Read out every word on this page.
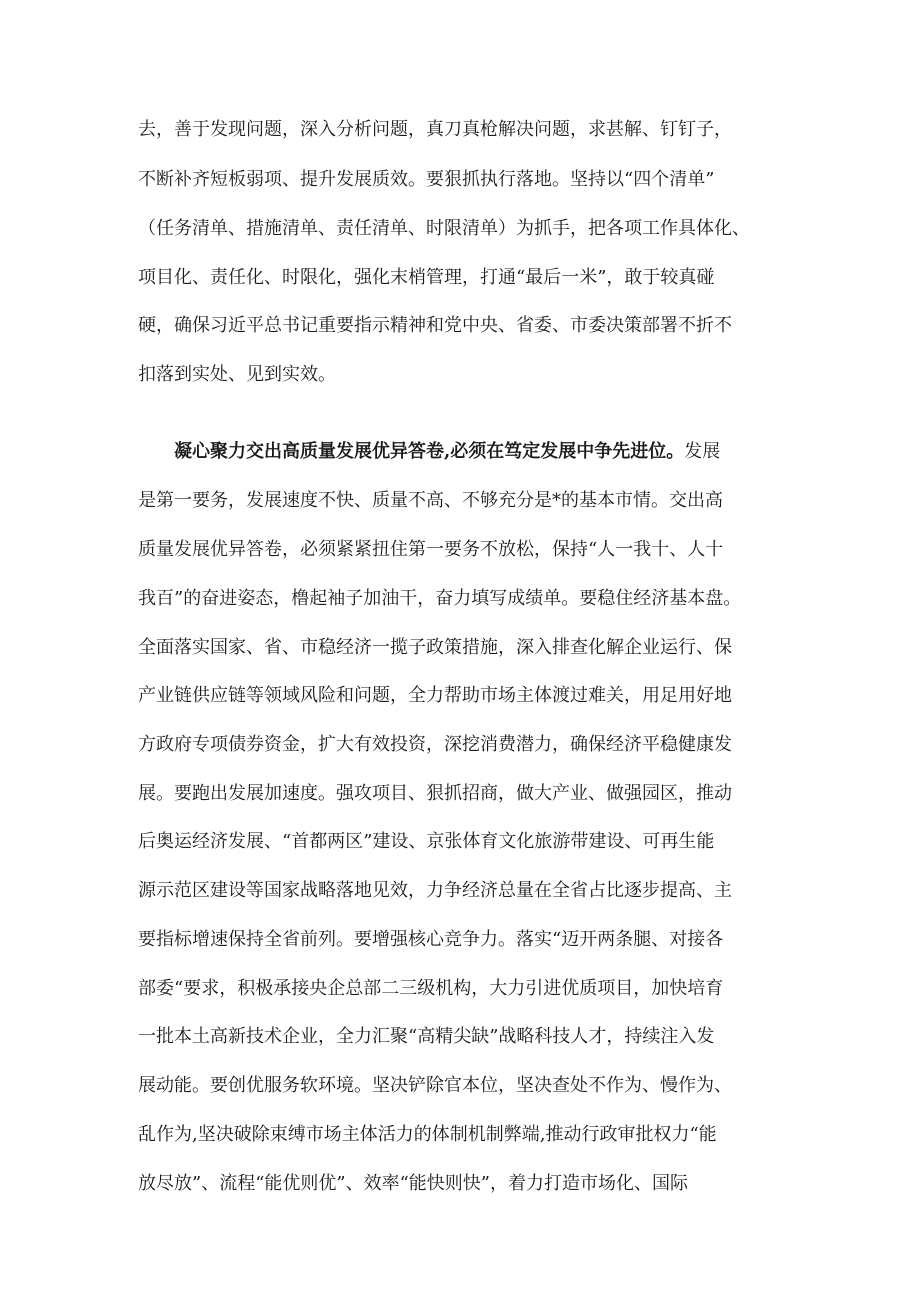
去，善于发现问题，深入分析问题，真刀真枪解决问题，求甚解、钉钉子，
不断补齐短板弱项、提升发展质效。要狠抓执行落地。坚持以“四个清单”
（任务清单、措施清单、责任清单、时限清单）为抓手，把各项工作具体化、
项目化、责任化、时限化，强化末梢管理，打通“最后一米”，敢于较真碰
硬，确保习近平总书记重要指示精神和党中央、省委、市委决策部署不折不
扣落到实处、见到实效。
凝心聚力交出高质量发展优异答卷,必须在笃定发展中争先进位。发展
是第一要务，发展速度不快、质量不高、不够充分是*的基本市情。交出高
质量发展优异答卷，必须紧紧扭住第一要务不放松，保持“人一我十、人十
我百”的奋进姿态，橹起袖子加油干，奋力填写成绩单。要稳住经济基本盘。
全面落实国家、省、市稳经济一揽子政策措施，深入排查化解企业运行、保
产业链供应链等领域风险和问题，全力帮助市场主体渡过难关，用足用好地
方政府专项债券资金，扩大有效投资，深挖消费潜力，确保经济平稳健康发
展。要跑出发展加速度。强攻项目、狠抓招商，做大产业、做强园区，推动
后奥运经济发展、“首都两区”建设、京张体育文化旅游带建设、可再生能
源示范区建设等国家战略落地见效，力争经济总量在全省占比逐步提高、主
要指标增速保持全省前列。要增强核心竞争力。落实“迈开两条腿、对接各
部委“要求，积极承接央企总部二三级机构，大力引进优质项目，加快培育
一批本土高新技术企业，全力汇聚“高精尖缺”战略科技人才，持续注入发
展动能。要创优服务软环境。坚决铲除官本位，坚决查处不作为、慢作为、
乱作为,坚决破除束缚市场主体活力的体制机制弊端,推动行政审批权力“能
放尽放”、流程“能优则优”、效率“能快则快”，着力打造市场化、国际
